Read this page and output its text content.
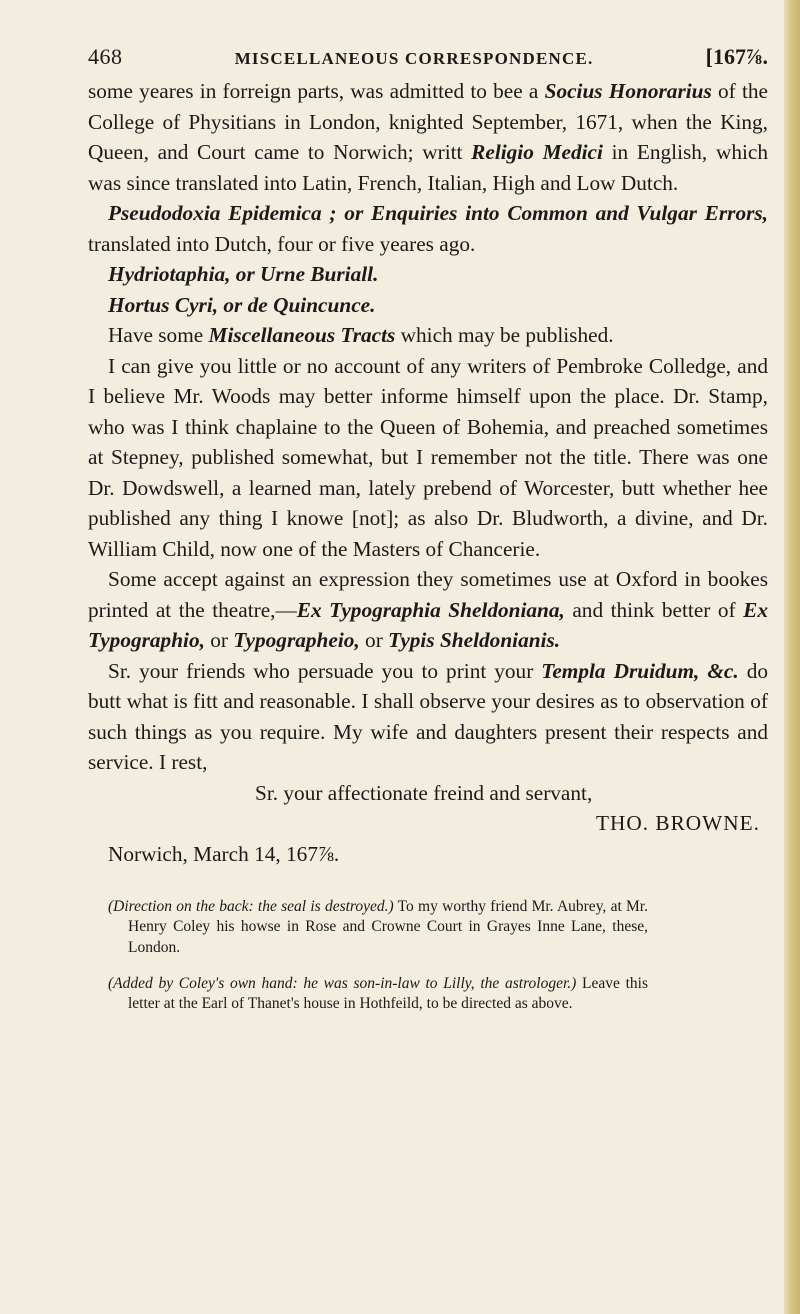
468	MISCELLANEOUS CORRESPONDENCE.	[167⅞.

some yeares in forreign parts, was admitted to bee a Socius Honorarius of the College of Physitians in London, knighted September, 1671, when the King, Queen, and Court came to Norwich; writt Religio Medici in English, which was since translated into Latin, French, Italian, High and Low Dutch.

Pseudodoxia Epidemica ; or Enquiries into Common and Vulgar Errors, translated into Dutch, four or five yeares ago.

Hydriotaphia, or Urne Buriall.

Hortus Cyri, or de Quincunce.

Have some Miscellaneous Tracts which may be published.

I can give you little or no account of any writers of Pembroke Colledge, and I believe Mr. Woods may better informe himself upon the place. Dr. Stamp, who was I think chaplaine to the Queen of Bohemia, and preached sometimes at Stepney, published somewhat, but I remember not the title. There was one Dr. Dowdswell, a learned man, lately prebend of Worcester, butt whether hee published any thing I knowe [not]; as also Dr. Bludworth, a divine, and Dr. William Child, now one of the Masters of Chancerie.

Some accept against an expression they sometimes use at Oxford in bookes printed at the theatre,—Ex Typographia Sheldoniana, and think better of Ex Typographio, or Typographeio, or Typis Sheldonianis.

Sr. your friends who persuade you to print your Templa Druidum, &c. do butt what is fitt and reasonable. I shall observe your desires as to observation of such things as you require. My wife and daughters present their respects and service. I rest,

Sr. your affectionate freind and servant,

THO. BROWNE.

Norwich, March 14, 167⅞.

(Direction on the back: the seal is destroyed.) To my worthy friend Mr. Aubrey, at Mr. Henry Coley his howse in Rose and Crowne Court in Grayes Inne Lane, these, London.

(Added by Coley's own hand: he was son-in-law to Lilly, the astrologer.) Leave this letter at the Earl of Thanet's house in Hothfeild, to be directed as above.
